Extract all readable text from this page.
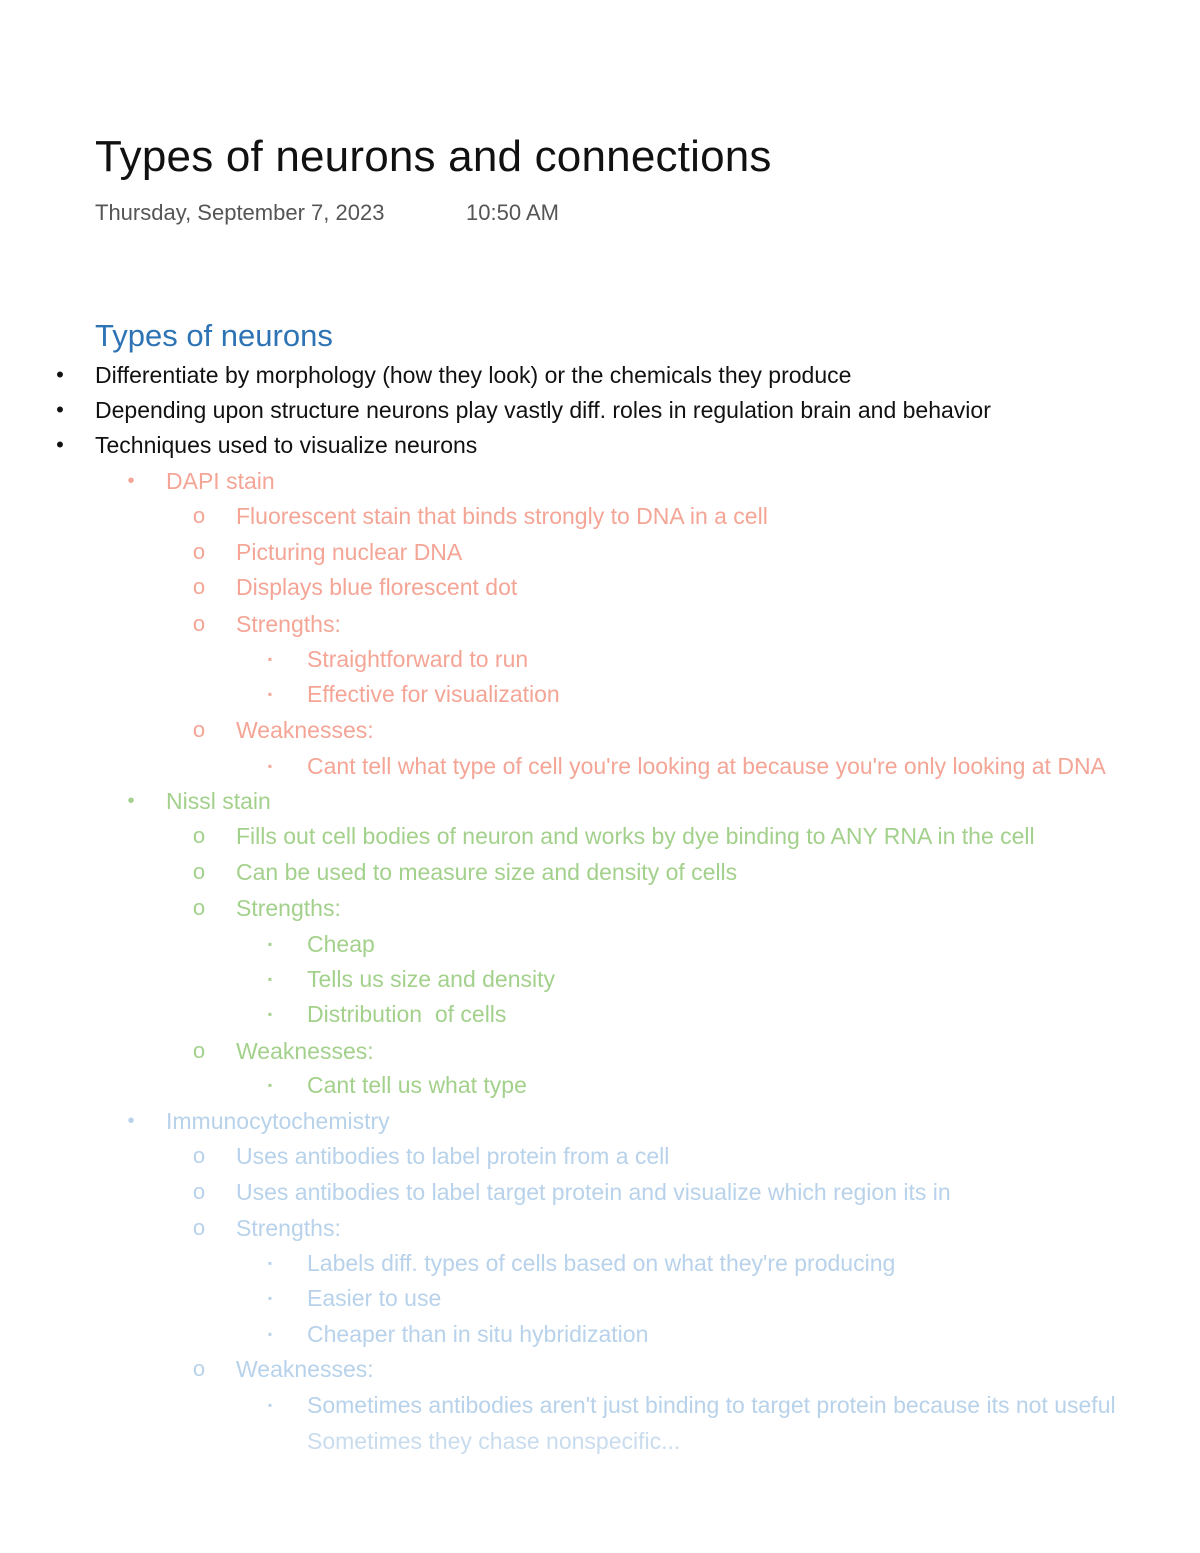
Types of neurons and connections
Thursday, September 7, 2023	10:50 AM
Types of neurons
•	Differentiate by morphology (how they look) or the chemicals they produce
•	Depending upon structure neurons play vastly diff. roles in regulation brain and behavior
•	Techniques used to visualize neurons
•	DAPI stain
o	Fluorescent stain that binds strongly to DNA in a cell
o	Picturing nuclear DNA
o	Displays blue florescent dot
o	Strengths:
▪	Straightforward to run
▪	Effective for visualization
o	Weaknesses:
▪	Cant tell what type of cell you're looking at because you're only looking at DNA
•	Nissl stain
o	Fills out cell bodies of neuron and works by dye binding to ANY RNA in the cell
o	Can be used to measure size and density of cells
o	Strengths:
▪	Cheap
▪	Tells us size and density
▪	Distribution  of cells
o	Weaknesses:
▪	Cant tell us what type
•	Immunocytochemistry
o	Uses antibodies to label protein from a cell
o	Uses antibodies to label target protein and visualize which region its in
o	Strengths:
▪	Labels diff. types of cells based on what they're producing
▪	Easier to use
▪	Cheaper than in situ hybridization
o	Weaknesses:
▪	Sometimes antibodies aren't just binding to target protein because its not useful
Sometimes they chase nonspecific...
